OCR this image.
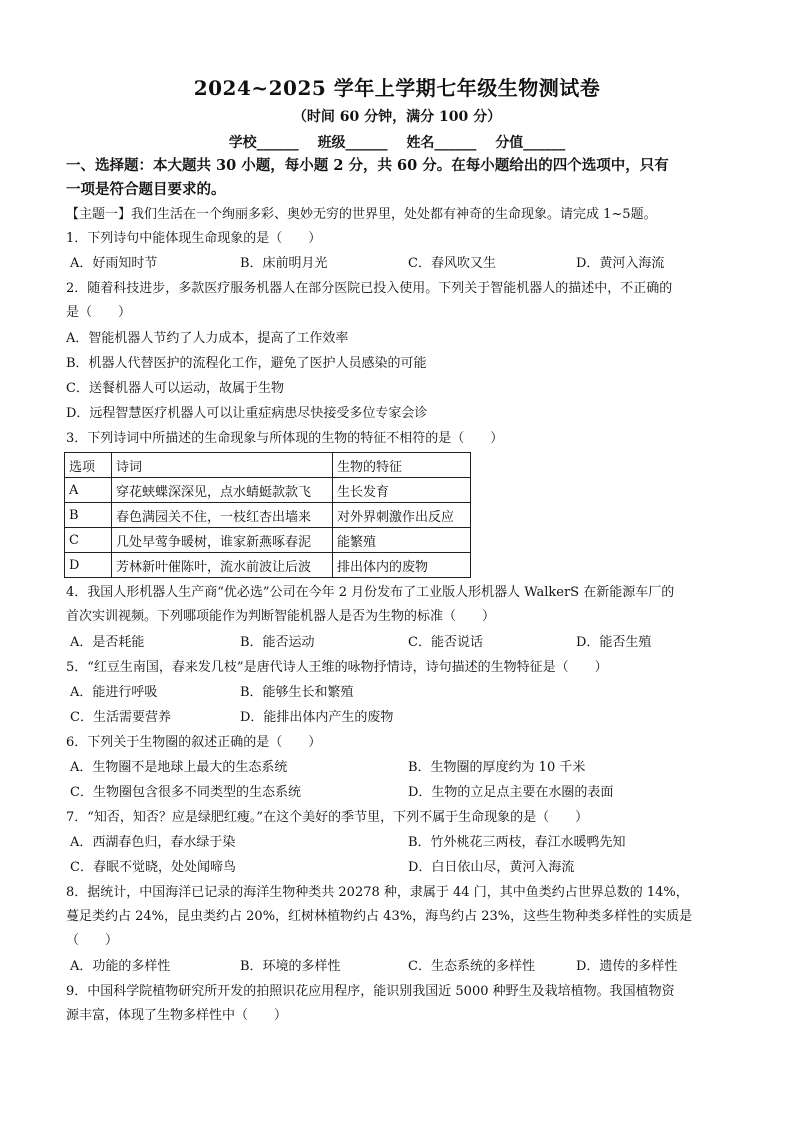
2024~2025 学年上学期七年级生物测试卷
（时间 60 分钟，满分 100 分）
学校______ 班级______ 姓名______ 分值______
一、选择题：本大题共 30 小题，每小题 2 分，共 60 分。在每小题给出的四个选项中，只有
一项是符合题目要求的。
【主题一】我们生活在一个绚丽多彩、奥妙无穷的世界里，处处都有神奇的生命现象。请完成 1~5题。
1．下列诗句中能体现生命现象的是（　　）
A．好雨知时节	B．床前明月光	C．春风吹又生	D．黄河入海流
2．随着科技进步，多款医疗服务机器人在部分医院已投入使用。下列关于智能机器人的描述中，不正确的
是（　　）
A．智能机器人节约了人力成本，提高了工作效率
B．机器人代替医护的流程化工作，避免了医护人员感染的可能
C．送餐机器人可以运动，故属于生物
D．远程智慧医疗机器人可以让重症病患尽快接受多位专家会诊
3．下列诗词中所描述的生命现象与所体现的生物的特征不相符的是（　　）
选项	诗词	生物的特征
A	穿花蛱蝶深深见，点水蜻蜓款款飞	生长发育
B	春色满园关不住，一枝红杏出墙来	对外界刺激作出反应
C	几处早莺争暖树，谁家新燕啄春泥	能繁殖
D	芳林新叶催陈叶，流水前波让后波	排出体内的废物
4．我国人形机器人生产商“优必选”公司在今年 2 月份发布了工业版人形机器人 WalkerS 在新能源车厂的
首次实训视频。下列哪项能作为判断智能机器人是否为生物的标准（　　）
A．是否耗能	B．能否运动	C．能否说话	D．能否生殖
5．“红豆生南国，春来发几枝”是唐代诗人王维的咏物抒情诗，诗句描述的生物特征是（　　）
A．能进行呼吸	B．能够生长和繁殖
C．生活需要营养	D．能排出体内产生的废物
6．下列关于生物圈的叙述正确的是（　　）
A．生物圈不是地球上最大的生态系统	B．生物圈的厚度约为 10 千米
C．生物圈包含很多不同类型的生态系统	D．生物的立足点主要在水圈的表面
7．“知否，知否？应是绿肥红瘦。”在这个美好的季节里，下列不属于生命现象的是（　　）
A．西湖春色归，春水绿于染	B．竹外桃花三两枝，春江水暖鸭先知
C．春眠不觉晓，处处闻啼鸟	D．白日依山尽，黄河入海流
8．据统计，中国海洋已记录的海洋生物种类共 20278 种，隶属于 44 门，其中鱼类约占世界总数的 14%，
蔓足类约占 24%，昆虫类约占 20%，红树林植物约占 43%，海鸟约占 23%，这些生物种类多样性的实质是
（　　）
A．功能的多样性	B．环境的多样性	C．生态系统的多样性	D．遗传的多样性
9．中国科学院植物研究所开发的拍照识花应用程序，能识别我国近 5000 种野生及栽培植物。我国植物资
源丰富，体现了生物多样性中（　　）
